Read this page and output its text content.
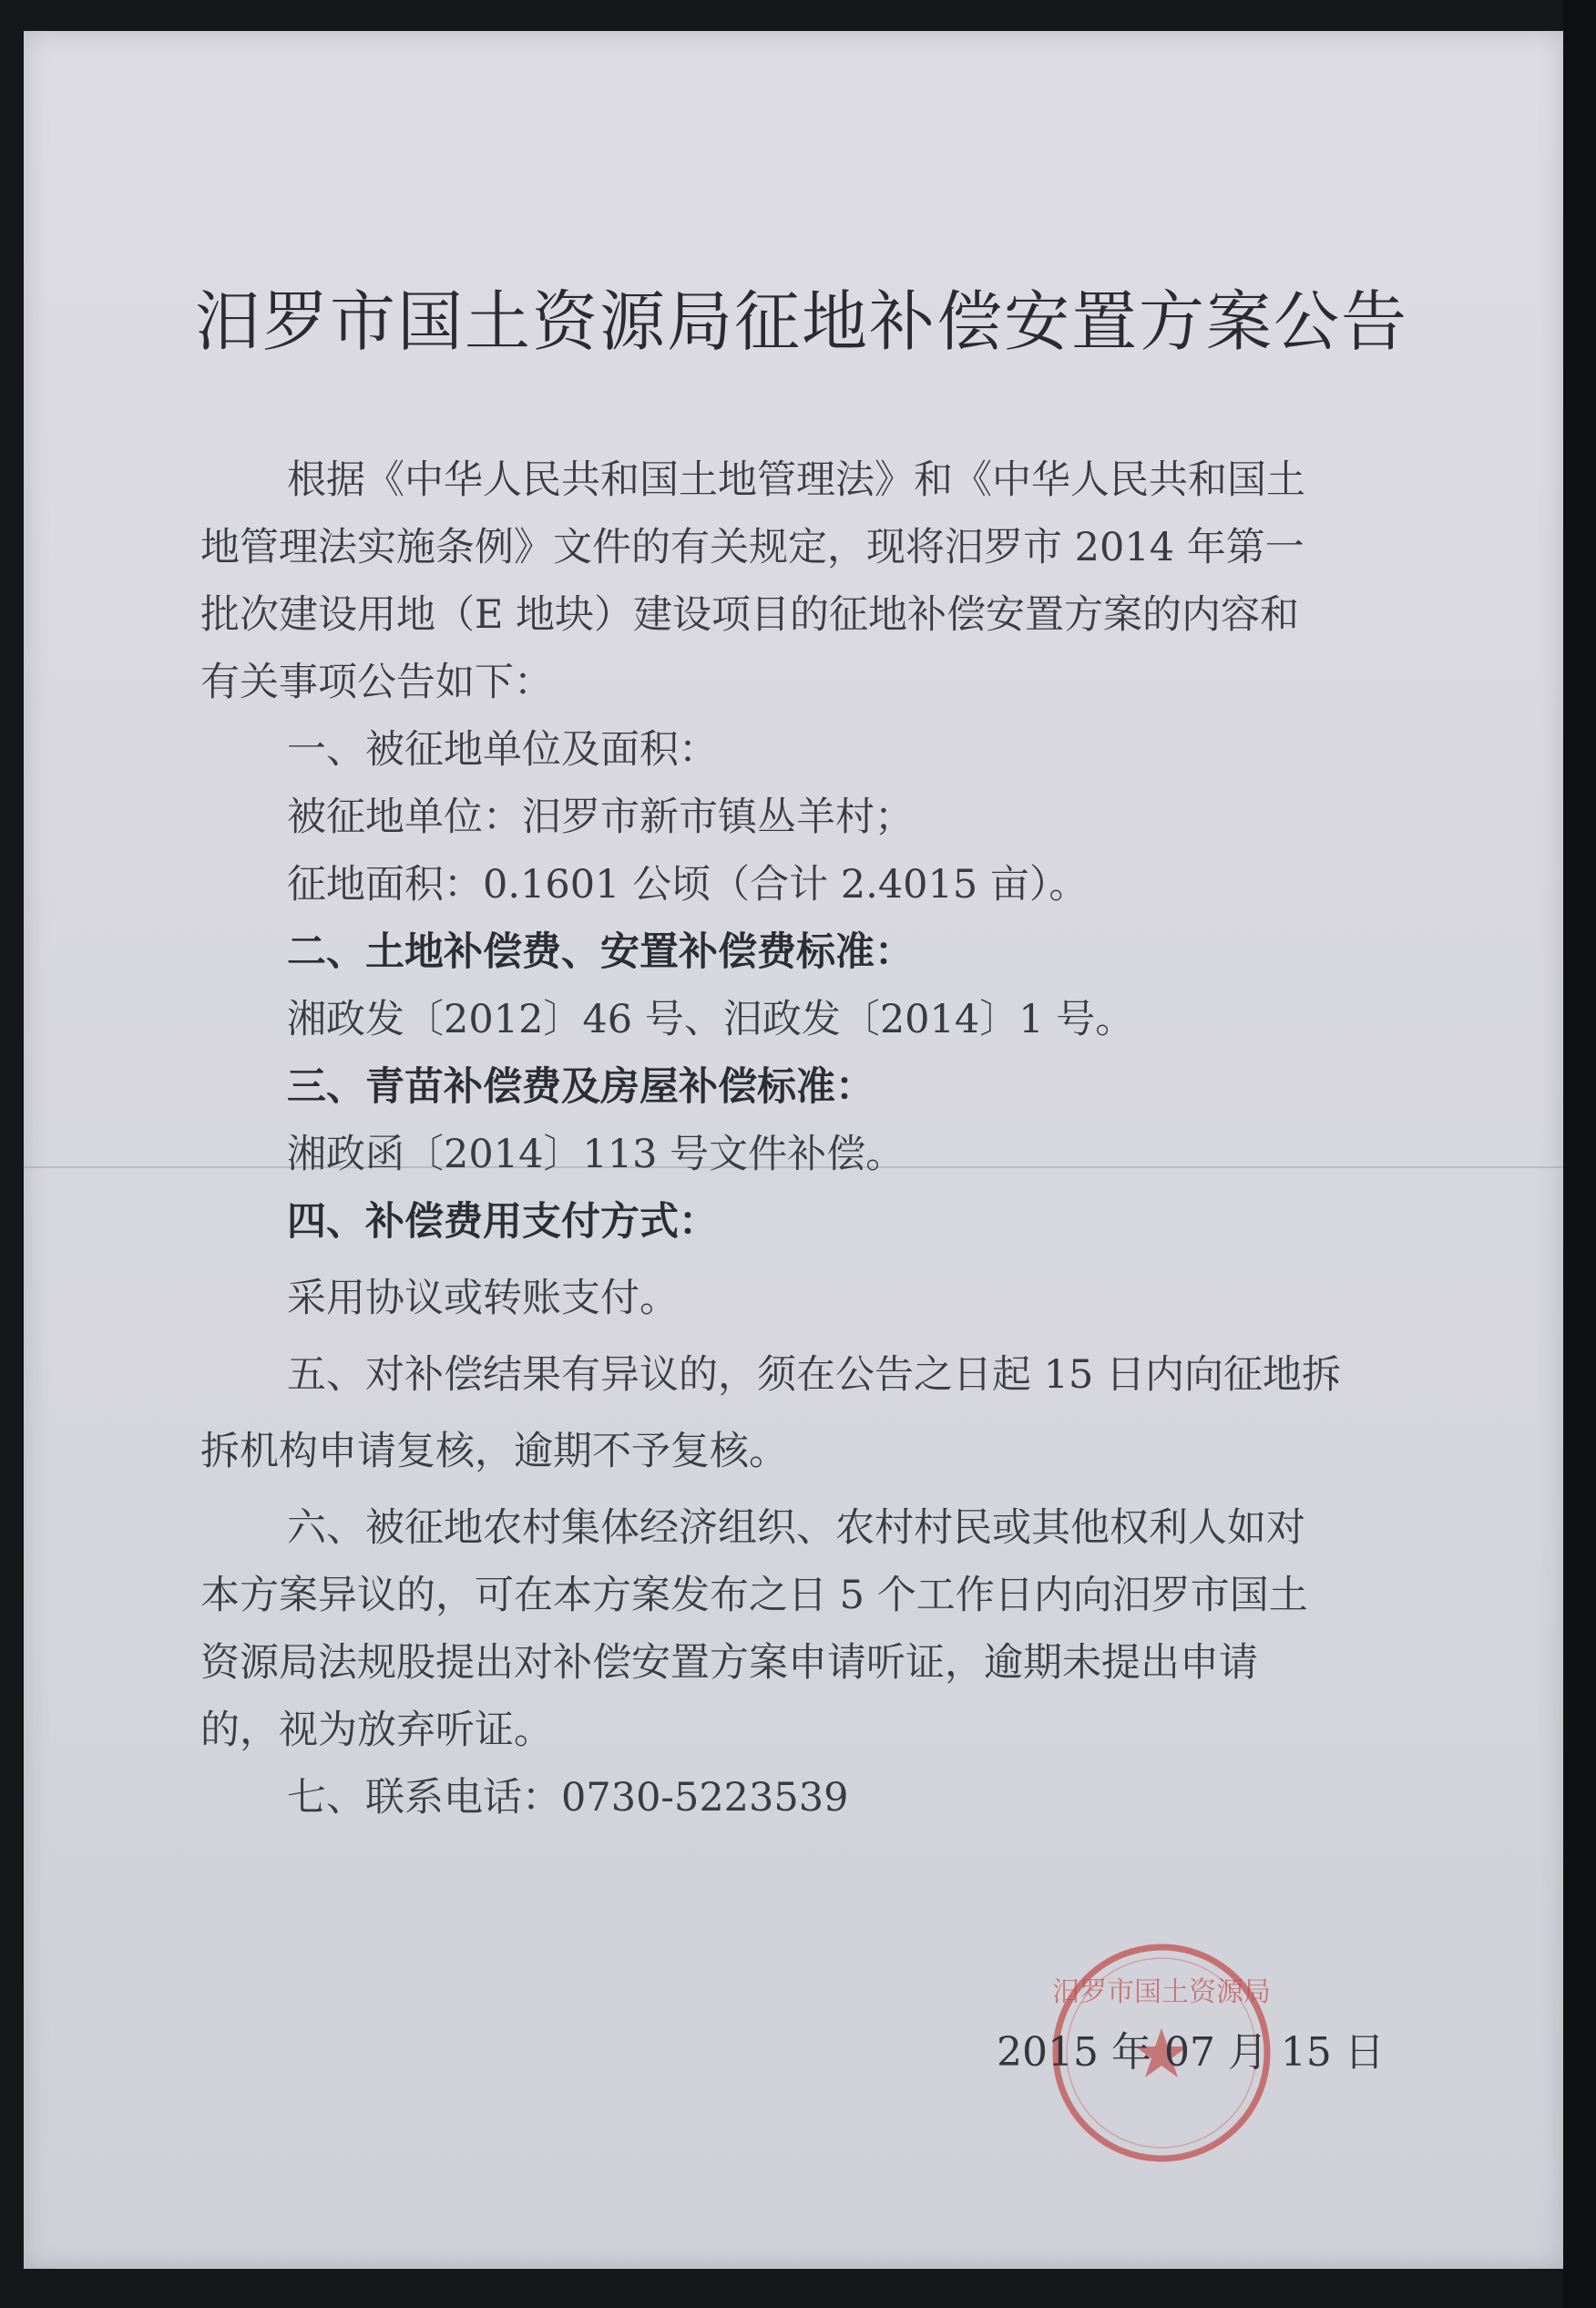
汨罗市国土资源局征地补偿安置方案公告
根据《中华人民共和国土地管理法》和《中华人民共和国土
地管理法实施条例》文件的有关规定，现将汨罗市 2014 年第一
批次建设用地（E 地块）建设项目的征地补偿安置方案的内容和
有关事项公告如下：
一、被征地单位及面积：
被征地单位：汨罗市新市镇丛羊村；
征地面积：0.1601 公顷（合计 2.4015 亩）。
二、土地补偿费、安置补偿费标准：
湘政发〔2012〕46 号、汨政发〔2014〕1 号。
三、青苗补偿费及房屋补偿标准：
湘政函〔2014〕113 号文件补偿。
四、补偿费用支付方式：
采用协议或转账支付。
五、对补偿结果有异议的，须在公告之日起 15 日内向征地拆
拆机构申请复核，逾期不予复核。
六、被征地农村集体经济组织、农村村民或其他权利人如对
本方案异议的，可在本方案发布之日 5 个工作日内向汨罗市国土
资源局法规股提出对补偿安置方案申请听证，逾期未提出申请
的，视为放弃听证。
七、联系电话：0730-5223539
汨罗市国土资源局
2015 年 07 月 15 日
